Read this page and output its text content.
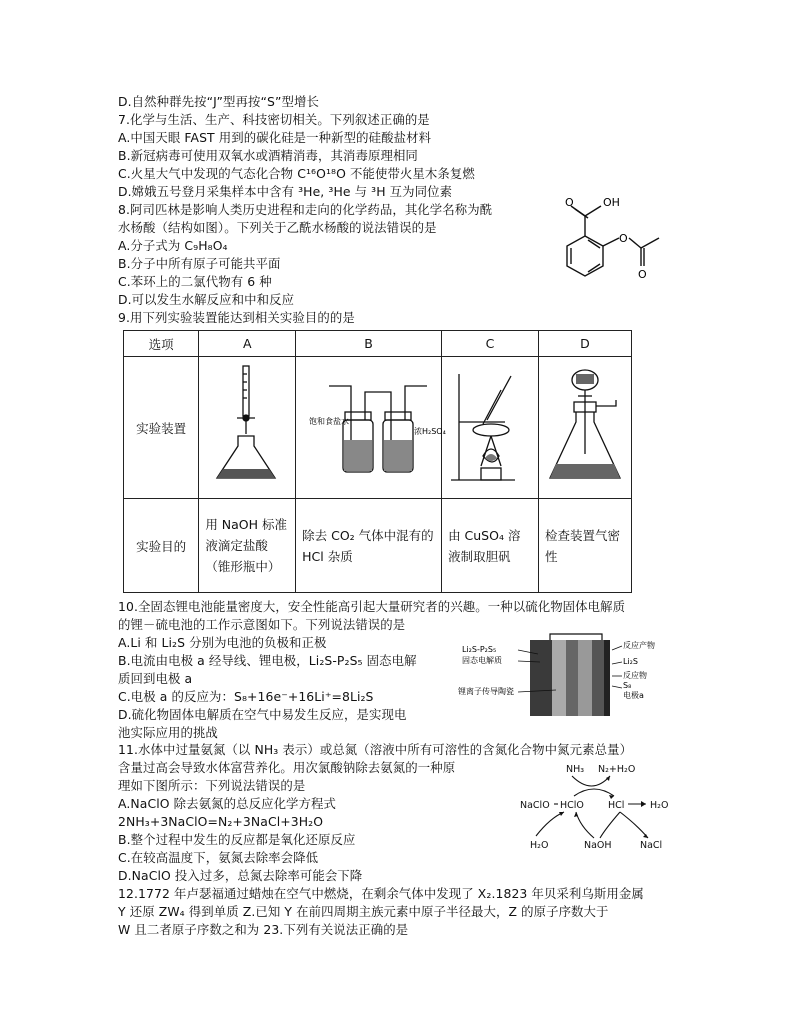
D.自然种群先按“J”型再按“S”型增长
7.化学与生活、生产、科技密切相关。下列叙述正确的是
A.中国天眼 FAST 用到的碳化硅是一种新型的硅酸盐材料
B.新冠病毒可使用双氧水或酒精消毒，其消毒原理相同
C.火星大气中发现的气态化合物 C¹⁶O¹⁸O 不能使带火星木条复燃
D.嫦娥五号登月采集样本中含有 ³He, ³He 与 ³H 互为同位素
8.阿司匹林是影响人类历史进程和走向的化学药品，其化学名称为酰
水杨酸（结构如图）。下列关于乙酰水杨酸的说法错误的是
A.分子式为 C₉H₈O₄
B.分子中所有原子可能共平面
C.苯环上的二氯代物有 6 种
D.可以发生水解反应和中和反应
9.用下列实验装置能达到相关实验目的的是
O	OH
O
O
选项	A	B	C	D
实验装置		饱和食盐水
浓H₂SO₄

实验目的	用 NaOH 标准液滴定盐酸（锥形瓶中）	除去 CO₂ 气体中混有的 HCl 杂质	由 CuSO₄ 溶液制取胆矾	检查装置气密性
10.全固态锂电池能量密度大，安全性能高引起大量研究者的兴趣。一种以硫化物固体电解质
的锂－硫电池的工作示意图如下。下列说法错误的是
A.Li 和 Li₂S 分别为电池的负极和正极
B.电流由电极 a 经导线、锂电极，Li₂S-P₂S₅ 固态电解
质回到电极 a
C.电极 a 的反应为：S₈+16e⁻+16Li⁺=8Li₂S
D.硫化物固体电解质在空气中易发生反应，是实现电
池实际应用的挑战
Li₂S-P₂S₅
固态电解质
锂离子传导陶瓷
反应产物
Li₂S
反应物
S₈
电极a
11.水体中过量氨氮（以 NH₃ 表示）或总氮（溶液中所有可溶性的含氮化合物中氮元素总量）
含量过高会导致水体富营养化。用次氯酸钠除去氨氮的一种原
理如下图所示：下列说法错误的是
A.NaClO 除去氨氮的总反应化学方程式
2NH₃+3NaClO=N₂+3NaCl+3H₂O
B.整个过程中发生的反应都是氧化还原反应
C.在较高温度下，氨氮去除率会降低
D.NaClO 投入过多，总氮去除率可能会下降
NH₃ N₂+H₂O
NaClO HClO	HCl	H₂O
H₂O	NaOH	NaCl
12.1772 年卢瑟福通过蜡烛在空气中燃烧，在剩余气体中发现了 X₂.1823 年贝采利乌斯用金属
Y 还原 ZW₄ 得到单质 Z.已知 Y 在前四周期主族元素中原子半径最大，Z 的原子序数大于
W 且二者原子序数之和为 23.下列有关说法正确的是
